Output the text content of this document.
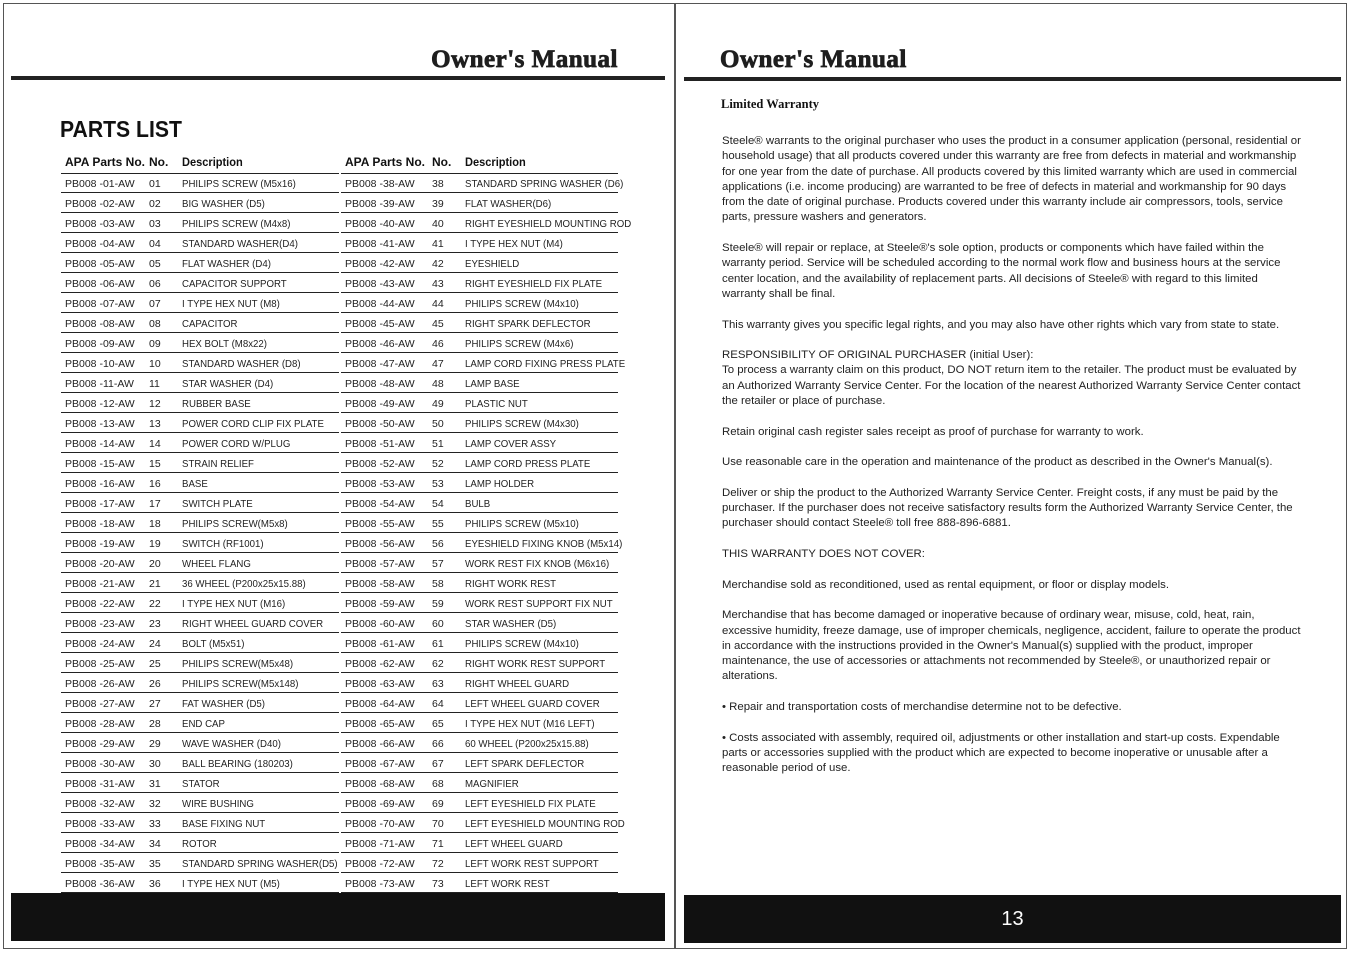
Owner's Manual
PARTS LIST
APA Parts No. No. Description
PB008 -01-AW 01 PHILIPS SCREW (M5x16)
PB008 -02-AW 02 BIG WASHER (D5)
PB008 -03-AW 03 PHILIPS SCREW (M4x8)
PB008 -04-AW 04 STANDARD WASHER(D4)
PB008 -05-AW 05 FLAT WASHER (D4)
PB008 -06-AW 06 CAPACITOR SUPPORT
PB008 -07-AW 07 I TYPE HEX NUT (M8)
PB008 -08-AW 08 CAPACITOR
PB008 -09-AW 09 HEX BOLT (M8x22)
PB008 -10-AW 10 STANDARD WASHER (D8)
PB008 -11-AW 11 STAR WASHER (D4)
PB008 -12-AW 12 RUBBER BASE
PB008 -13-AW 13 POWER CORD CLIP FIX PLATE
PB008 -14-AW 14 POWER CORD W/PLUG
PB008 -15-AW 15 STRAIN RELIEF
PB008 -16-AW 16 BASE
PB008 -17-AW 17 SWITCH PLATE
PB008 -18-AW 18 PHILIPS SCREW(M5x8)
PB008 -19-AW 19 SWITCH (RF1001)
PB008 -20-AW 20 WHEEL FLANG
PB008 -21-AW 21 36 WHEEL (P200x25x15.88)
PB008 -22-AW 22 I TYPE HEX NUT (M16)
PB008 -23-AW 23 RIGHT WHEEL GUARD COVER
PB008 -24-AW 24 BOLT (M5x51)
PB008 -25-AW 25 PHILIPS SCREW(M5x48)
PB008 -26-AW 26 PHILIPS SCREW(M5x148)
PB008 -27-AW 27 FAT WASHER (D5)
PB008 -28-AW 28 END CAP
PB008 -29-AW 29 WAVE WASHER (D40)
PB008 -30-AW 30 BALL BEARING (180203)
PB008 -31-AW 31 STATOR
PB008 -32-AW 32 WIRE BUSHING
PB008 -33-AW 33 BASE FIXING NUT
PB008 -34-AW 34 ROTOR
PB008 -35-AW 35 STANDARD SPRING WASHER(D5)
PB008 -36-AW 36 I TYPE HEX NUT (M5)
APA Parts No. No. Description
PB008 -38-AW 38 STANDARD SPRING WASHER (D6)
PB008 -39-AW 39 FLAT WASHER(D6)
PB008 -40-AW 40 RIGHT EYESHIELD MOUNTING ROD
PB008 -41-AW 41 I TYPE HEX NUT (M4)
PB008 -42-AW 42 EYESHIELD
PB008 -43-AW 43 RIGHT EYESHIELD FIX PLATE
PB008 -44-AW 44 PHILIPS SCREW (M4x10)
PB008 -45-AW 45 RIGHT SPARK DEFLECTOR
PB008 -46-AW 46 PHILIPS SCREW (M4x6)
PB008 -47-AW 47 LAMP CORD FIXING PRESS PLATE
PB008 -48-AW 48 LAMP BASE
PB008 -49-AW 49 PLASTIC NUT
PB008 -50-AW 50 PHILIPS SCREW (M4x30)
PB008 -51-AW 51 LAMP COVER ASSY
PB008 -52-AW 52 LAMP CORD PRESS PLATE
PB008 -53-AW 53 LAMP HOLDER
PB008 -54-AW 54 BULB
PB008 -55-AW 55 PHILIPS SCREW (M5x10)
PB008 -56-AW 56 EYESHIELD FIXING KNOB (M5x14)
PB008 -57-AW 57 WORK REST FIX KNOB (M6x16)
PB008 -58-AW 58 RIGHT WORK REST
PB008 -59-AW 59 WORK REST SUPPORT FIX NUT
PB008 -60-AW 60 STAR WASHER (D5)
PB008 -61-AW 61 PHILIPS SCREW (M4x10)
PB008 -62-AW 62 RIGHT WORK REST SUPPORT
PB008 -63-AW 63 RIGHT WHEEL GUARD
PB008 -64-AW 64 LEFT WHEEL GUARD COVER
PB008 -65-AW 65 I TYPE HEX NUT (M16 LEFT)
PB008 -66-AW 66 60 WHEEL (P200x25x15.88)
PB008 -67-AW 67 LEFT SPARK DEFLECTOR
PB008 -68-AW 68 MAGNIFIER
PB008 -69-AW 69 LEFT EYESHIELD FIX PLATE
PB008 -70-AW 70 LEFT EYESHIELD MOUNTING ROD
PB008 -71-AW 71 LEFT WHEEL GUARD
PB008 -72-AW 72 LEFT WORK REST SUPPORT
PB008 -73-AW 73 LEFT WORK REST
Owner's Manual
Limited Warranty

Steele® warrants to the original purchaser who uses the product in a consumer application (personal, residential or household usage) that all products covered under this warranty are free from defects in material and workmanship for one year from the date of purchase. All products covered by this limited warranty which are used in commercial applications (i.e. income producing) are warranted to be free of defects in material and workmanship for 90 days from the date of original purchase. Products covered under this warranty include air compressors, tools, service parts, pressure washers and generators.

Steele® will repair or replace, at Steele®'s sole option, products or components which have failed within the warranty period. Service will be scheduled according to the normal work flow and business hours at the service center location, and the availability of replacement parts. All decisions of Steele® with regard to this limited warranty shall be final.

This warranty gives you specific legal rights, and you may also have other rights which vary from state to state.

RESPONSIBILITY OF ORIGINAL PURCHASER (initial User):
To process a warranty claim on this product, DO NOT return item to the retailer. The product must be evaluated by an Authorized Warranty Service Center. For the location of the nearest Authorized Warranty Service Center contact the retailer or place of purchase.

Retain original cash register sales receipt as proof of purchase for warranty to work.

Use reasonable care in the operation and maintenance of the product as described in the Owner's Manual(s).

Deliver or ship the product to the Authorized Warranty Service Center. Freight costs, if any must be paid by the purchaser. If the purchaser does not receive satisfactory results form the Authorized Warranty Service Center, the purchaser should contact Steele® toll free 888-896-6881.

THIS WARRANTY DOES NOT COVER:

Merchandise sold as reconditioned, used as rental equipment, or floor or display models.

Merchandise that has become damaged or inoperative because of ordinary wear, misuse, cold, heat, rain, excessive humidity, freeze damage, use of improper chemicals, negligence, accident, failure to operate the product in accordance with the instructions provided in the Owner's Manual(s) supplied with the product, improper maintenance, the use of accessories or attachments not recommended by Steele®, or unauthorized repair or alterations.

• Repair and transportation costs of merchandise determine not to be defective.

• Costs associated with assembly, required oil, adjustments or other installation and start-up costs. Expendable parts or accessories supplied with the product which are expected to become inoperative or unusable after a reasonable period of use.

13
